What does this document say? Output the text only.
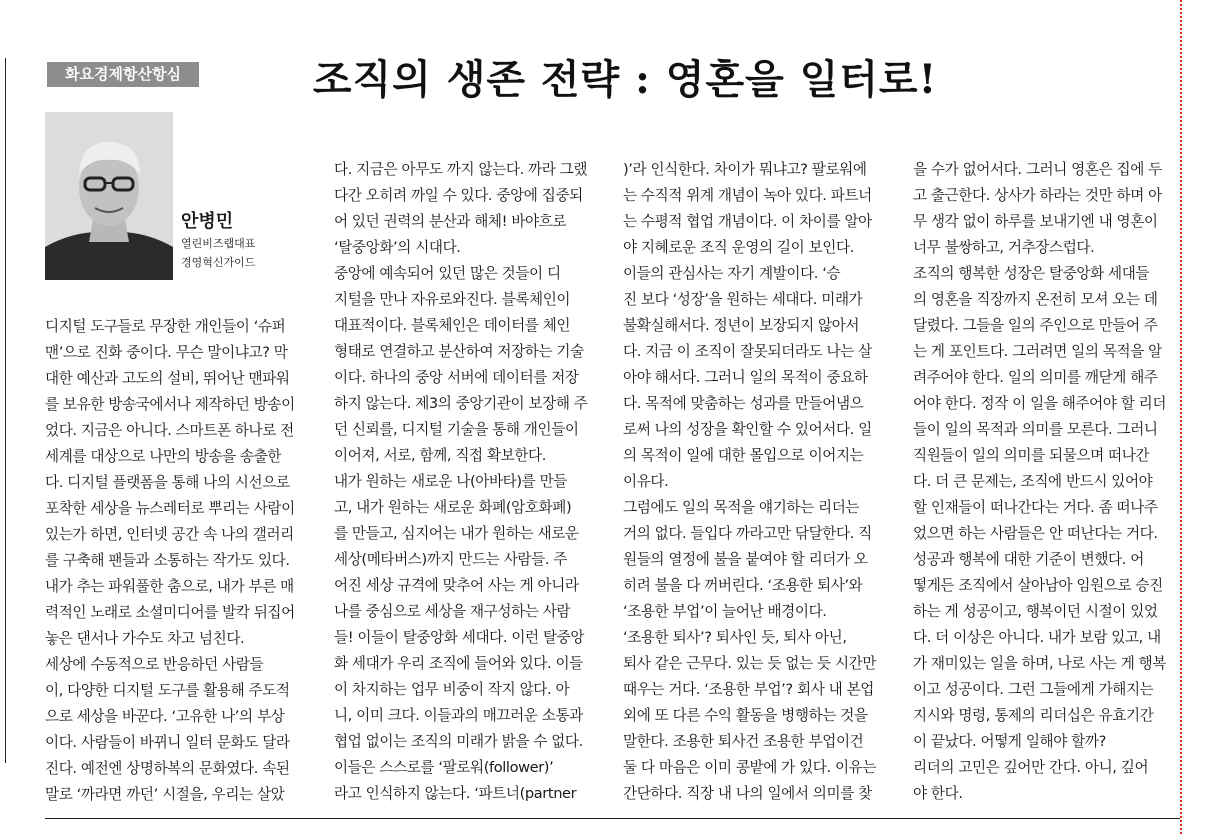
화요경제항산항심	조직의 생존 전략 : 영혼을 일터로!
안병민
열린비즈랩대표
경영혁신가이드
디지털 도구들로 무장한 개인들이 ‘슈퍼
맨’으로 진화 중이다. 무슨 말이냐고? 막
대한 예산과 고도의 설비, 뛰어난 맨파워
를 보유한 방송국에서나 제작하던 방송이
었다. 지금은 아니다. 스마트폰 하나로 전
세계를 대상으로 나만의 방송을 송출한
다. 디지털 플랫폼을 통해 나의 시선으로
포착한 세상을 뉴스레터로 뿌리는 사람이
있는가 하면, 인터넷 공간 속 나의 갤러리
를 구축해 팬들과 소통하는 작가도 있다.
내가 추는 파워풀한 춤으로, 내가 부른 매
력적인 노래로 소셜미디어를 발칵 뒤집어
놓은 댄서나 가수도 차고 넘친다.
세상에 수동적으로 반응하던 사람들
이, 다양한 디지털 도구를 활용해 주도적
으로 세상을 바꾼다. ‘고유한 나’의 부상
이다. 사람들이 바뀌니 일터 문화도 달라
진다. 예전엔 상명하복의 문화였다. 속된
말로 ‘까라면 까던’ 시절을, 우리는 살았
다. 지금은 아무도 까지 않는다. 까라 그랬
다간 오히려 까일 수 있다. 중앙에 집중되
어 있던 권력의 분산과 해체! 바야흐로
‘탈중앙화’의 시대다.
중앙에 예속되어 있던 많은 것들이 디
지털을 만나 자유로와진다. 블록체인이
대표적이다. 블록체인은 데이터를 체인
형태로 연결하고 분산하여 저장하는 기술
이다. 하나의 중앙 서버에 데이터를 저장
하지 않는다. 제3의 중앙기관이 보장해 주
던 신뢰를, 디지털 기술을 통해 개인들이
이어져, 서로, 함께, 직접 확보한다.
내가 원하는 새로운 나(아바타)를 만들
고, 내가 원하는 새로운 화폐(암호화폐)
를 만들고, 심지어는 내가 원하는 새로운
세상(메타버스)까지 만드는 사람들. 주
어진 세상 규격에 맞추어 사는 게 아니라
나를 중심으로 세상을 재구성하는 사람
들! 이들이 탈중앙화 세대다. 이런 탈중앙
화 세대가 우리 조직에 들어와 있다. 이들
이 차지하는 업무 비중이 작지 않다. 아
니, 이미 크다. 이들과의 매끄러운 소통과
협업 없이는 조직의 미래가 밝을 수 없다.
이들은 스스로를 ‘팔로워(follower)’
라고 인식하지 않는다. ‘파트너(partner
)’라 인식한다. 차이가 뭐냐고? 팔로워에
는 수직적 위계 개념이 녹아 있다. 파트너
는 수평적 협업 개념이다. 이 차이를 알아
야 지혜로운 조직 운영의 길이 보인다.
이들의 관심사는 자기 계발이다. ‘승
진 보다 ‘성장’을 원하는 세대다. 미래가
불확실해서다. 정년이 보장되지 않아서
다. 지금 이 조직이 잘못되더라도 나는 살
아야 해서다. 그러니 일의 목적이 중요하
다. 목적에 맞춤하는 성과를 만들어냄으
로써 나의 성장을 확인할 수 있어서다. 일
의 목적이 일에 대한 몰입으로 이어지는
이유다.
그럼에도 일의 목적을 얘기하는 리더는
거의 없다. 들입다 까라고만 닦달한다. 직
원들의 열정에 불을 붙여야 할 리더가 오
히려 불을 다 꺼버린다. ‘조용한 퇴사’와
‘조용한 부업’이 늘어난 배경이다.
‘조용한 퇴사’? 퇴사인 듯, 퇴사 아닌,
퇴사 같은 근무다. 있는 듯 없는 듯 시간만
때우는 거다. ‘조용한 부업’? 회사 내 본업
외에 또 다른 수익 활동을 병행하는 것을
말한다. 조용한 퇴사건 조용한 부업이건
둘 다 마음은 이미 콩밭에 가 있다. 이유는
간단하다. 직장 내 나의 일에서 의미를 찾
을 수가 없어서다. 그러니 영혼은 집에 두
고 출근한다. 상사가 하라는 것만 하며 아
무 생각 없이 하루를 보내기엔 내 영혼이
너무 불쌍하고, 거추장스럽다.
조직의 행복한 성장은 탈중앙화 세대들
의 영혼을 직장까지 온전히 모셔 오는 데
달렸다. 그들을 일의 주인으로 만들어 주
는 게 포인트다. 그러려면 일의 목적을 알
려주어야 한다. 일의 의미를 깨닫게 해주
어야 한다. 정작 이 일을 해주어야 할 리더
들이 일의 목적과 의미를 모른다. 그러니
직원들이 일의 의미를 되물으며 떠나간
다. 더 큰 문제는, 조직에 반드시 있어야
할 인재들이 떠나간다는 거다. 좀 떠나주
었으면 하는 사람들은 안 떠난다는 거다.
성공과 행복에 대한 기준이 변했다. 어
떻게든 조직에서 살아남아 임원으로 승진
하는 게 성공이고, 행복이던 시절이 있었
다. 더 이상은 아니다. 내가 보람 있고, 내
가 재미있는 일을 하며, 나로 사는 게 행복
이고 성공이다. 그런 그들에게 가해지는
지시와 명령, 통제의 리더십은 유효기간
이 끝났다. 어떻게 일해야 할까?
리더의 고민은 깊어만 간다. 아니, 깊어
야 한다.
